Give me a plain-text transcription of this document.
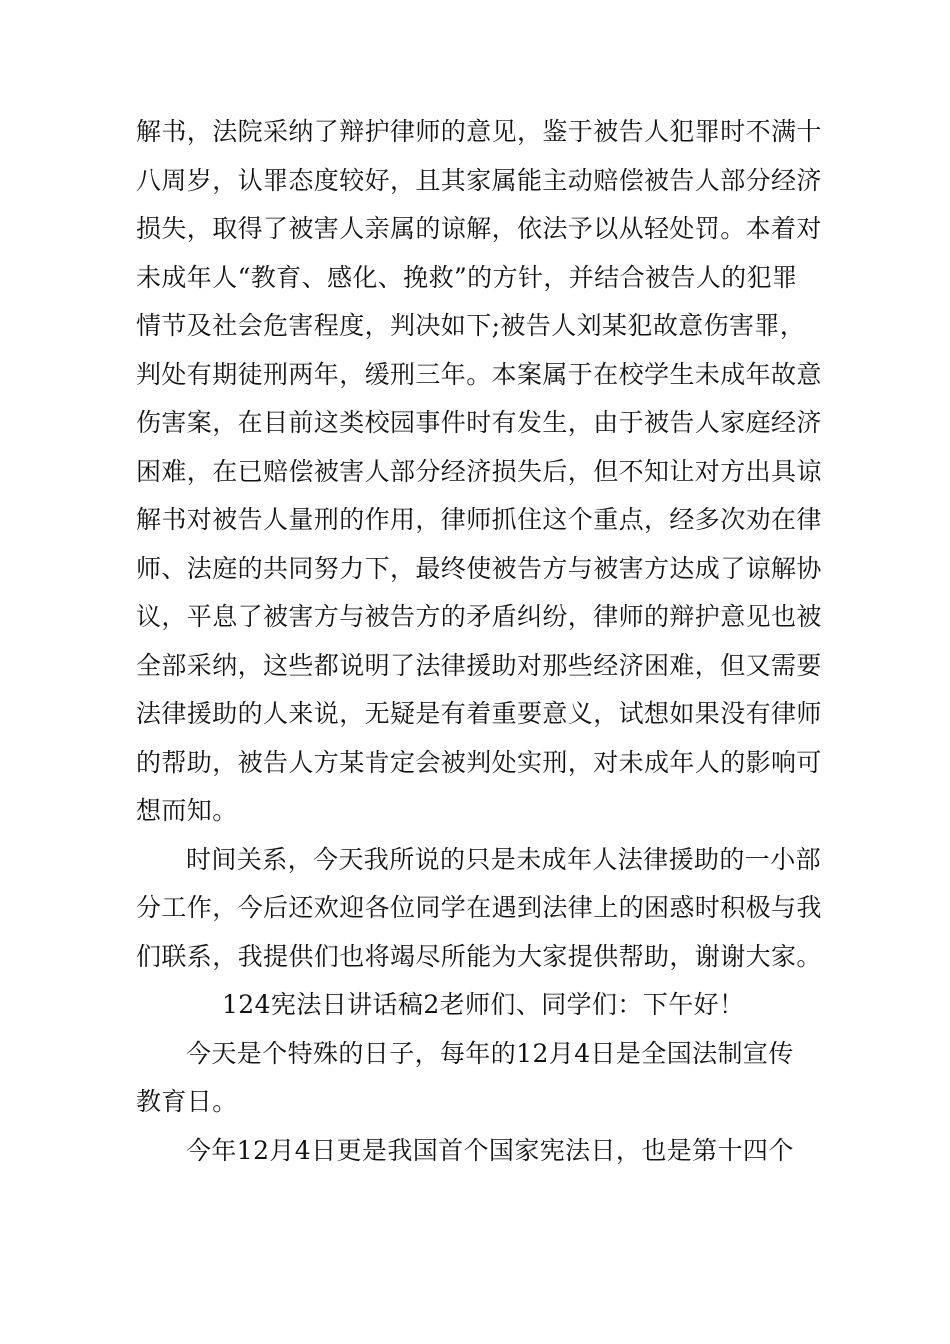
解书，法院采纳了辩护律师的意见，鉴于被告人犯罪时不满十
八周岁，认罪态度较好，且其家属能主动赔偿被告人部分经济
损失，取得了被害人亲属的谅解，依法予以从轻处罚。本着对
未成年人“教育、感化、挽救”的方针，并结合被告人的犯罪
情节及社会危害程度，判决如下;被告人刘某犯故意伤害罪，
判处有期徒刑两年，缓刑三年。本案属于在校学生未成年故意
伤害案，在目前这类校园事件时有发生，由于被告人家庭经济
困难，在已赔偿被害人部分经济损失后，但不知让对方出具谅
解书对被告人量刑的作用，律师抓住这个重点，经多次劝在律
师、法庭的共同努力下，最终使被告方与被害方达成了谅解协
议，平息了被害方与被告方的矛盾纠纷，律师的辩护意见也被
全部采纳，这些都说明了法律援助对那些经济困难，但又需要
法律援助的人来说，无疑是有着重要意义，试想如果没有律师
的帮助，被告人方某肯定会被判处实刑，对未成年人的影响可
想而知。
时间关系，今天我所说的只是未成年人法律援助的一小部
分工作，今后还欢迎各位同学在遇到法律上的困惑时积极与我
们联系，我提供们也将竭尽所能为大家提供帮助，谢谢大家。
124宪法日讲话稿2老师们、同学们：下午好！
今天是个特殊的日子，每年的12月4日是全国法制宣传
教育日。
今年12月4日更是我国首个国家宪法日，也是第十四个
